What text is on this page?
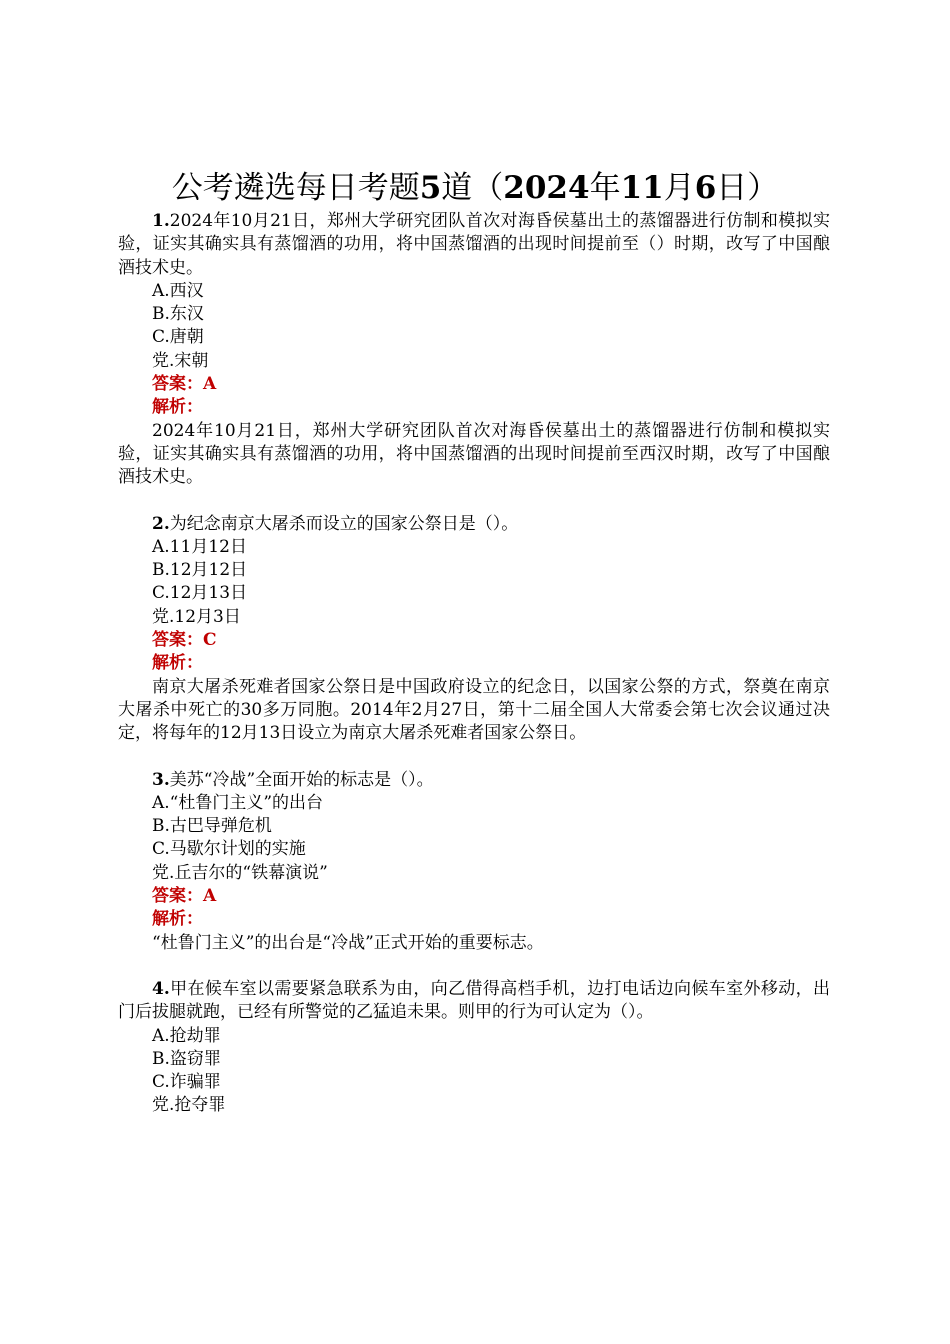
公考遴选每日考题5道（2024年11月6日）

1.2024年10月21日，郑州大学研究团队首次对海昏侯墓出土的蒸馏器进行仿制和模拟实验，证实其确实具有蒸馏酒的功用，将中国蒸馏酒的出现时间提前至（）时期，改写了中国酿酒技术史。

A.西汉

B.东汉

C.唐朝

党.宋朝

答案：A

解析：

2024年10月21日，郑州大学研究团队首次对海昏侯墓出土的蒸馏器进行仿制和模拟实验，证实其确实具有蒸馏酒的功用，将中国蒸馏酒的出现时间提前至西汉时期，改写了中国酿酒技术史。

2.为纪念南京大屠杀而设立的国家公祭日是（）。

A.11月12日

B.12月12日

C.12月13日

党.12月3日

答案：C

解析：

南京大屠杀死难者国家公祭日是中国政府设立的纪念日，以国家公祭的方式，祭奠在南京大屠杀中死亡的30多万同胞。2014年2月27日，第十二届全国人大常委会第七次会议通过决定，将每年的12月13日设立为南京大屠杀死难者国家公祭日。

3.美苏“冷战”全面开始的标志是（）。

A.“杜鲁门主义”的出台

B.古巴导弹危机

C.马歇尔计划的实施

党.丘吉尔的“铁幕演说”

答案：A

解析：

“杜鲁门主义”的出台是“冷战”正式开始的重要标志。

4.甲在候车室以需要紧急联系为由，向乙借得高档手机，边打电话边向候车室外移动，出门后拔腿就跑，已经有所警觉的乙猛追未果。则甲的行为可认定为（）。

A.抢劫罪

B.盗窃罪

C.诈骗罪

党.抢夺罪
